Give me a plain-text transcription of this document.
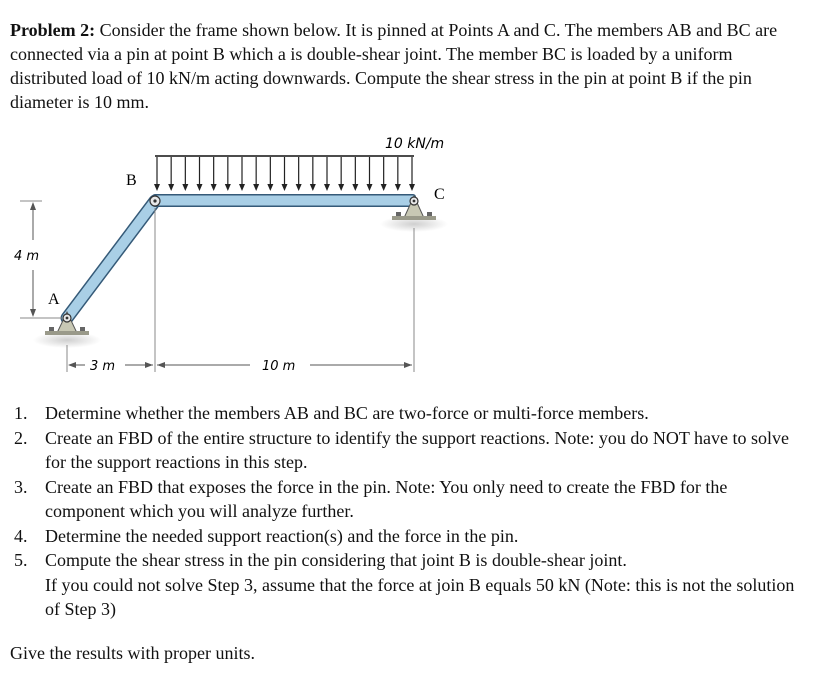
Problem 2: Consider the frame shown below. It is pinned at Points A and C. The members AB and BC are connected via a pin at point B which a is double-shear joint. The member BC is loaded by a uniform distributed load of 10 kN/m acting downwards. Compute the shear stress in the pin at point B if the pin diameter is 10 mm.

10 kN/m
B
C
A
4 m
3 m	10 m
1. Determine whether the members AB and BC are two-force or multi-force members.
2. Create an FBD of the entire structure to identify the support reactions. Note: you do NOT have to solve for the support reactions in this step.
3. Create an FBD that exposes the force in the pin. Note: You only need to create the FBD for the component which you will analyze further.
4. Determine the needed support reaction(s) and the force in the pin.
5. Compute the shear stress in the pin considering that joint B is double-shear joint.
If you could not solve Step 3, assume that the force at join B equals 50 kN (Note: this is not the solution of Step 3)

Give the results with proper units.
